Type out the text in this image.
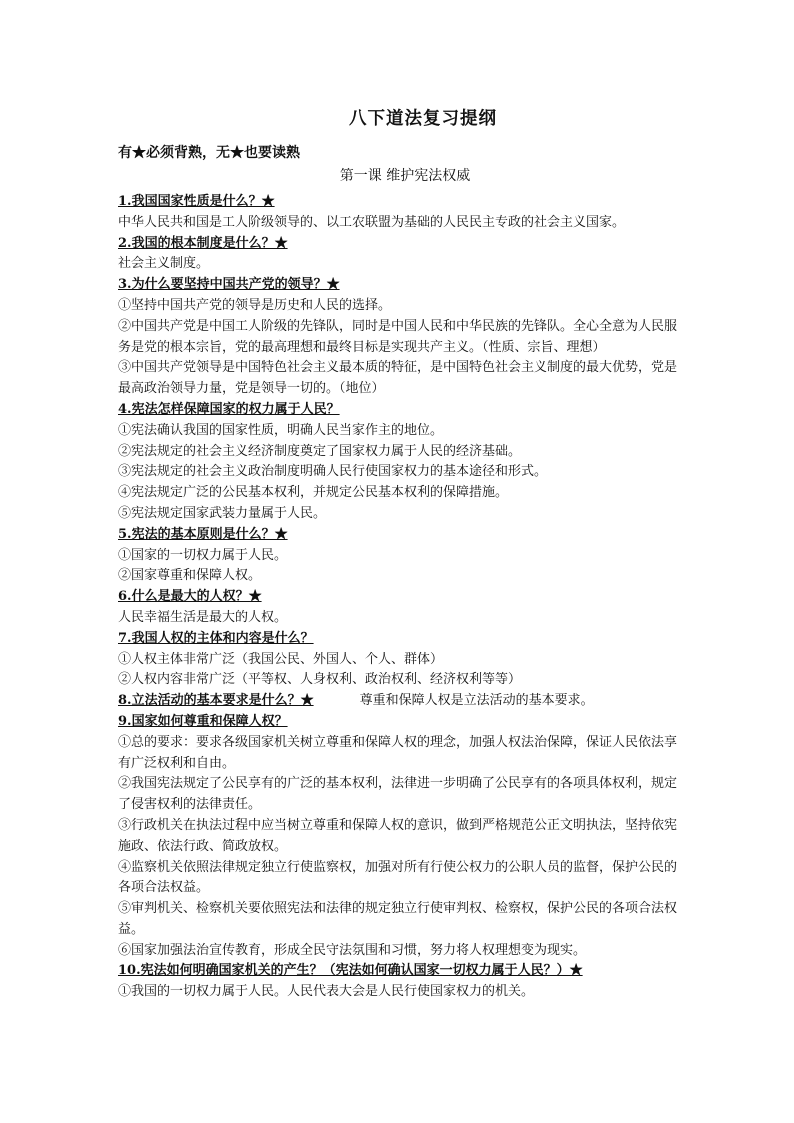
八下道法复习提纲
有★必须背熟，无★也要读熟
第一课 维护宪法权威

1.我国国家性质是什么？★

中华人民共和国是工人阶级领导的、以工农联盟为基础的人民民主专政的社会主义国家。

2.我国的根本制度是什么？★

社会主义制度。

3.为什么要坚持中国共产党的领导？★

①坚持中国共产党的领导是历史和人民的选择。

②中国共产党是中国工人阶级的先锋队，同时是中国人民和中华民族的先锋队。全心全意为人民服务是党的根本宗旨，党的最高理想和最终目标是实现共产主义。（性质、宗旨、理想）

③中国共产党领导是中国特色社会主义最本质的特征，是中国特色社会主义制度的最大优势，党是最高政治领导力量，党是领导一切的。（地位）

4.宪法怎样保障国家的权力属于人民？

①宪法确认我国的国家性质，明确人民当家作主的地位。

②宪法规定的社会主义经济制度奠定了国家权力属于人民的经济基础。

③宪法规定的社会主义政治制度明确人民行使国家权力的基本途径和形式。

④宪法规定广泛的公民基本权利，并规定公民基本权利的保障措施。

⑤宪法规定国家武装力量属于人民。

5.宪法的基本原则是什么？★

①国家的一切权力属于人民。

②国家尊重和保障人权。

6.什么是最大的人权？★

人民幸福生活是最大的人权。

7.我国人权的主体和内容是什么？

①人权主体非常广泛（我国公民、外国人、个人、群体）

②人权内容非常广泛（平等权、人身权利、政治权利、经济权利等等）

8.立法活动的基本要求是什么？★	尊重和保障人权是立法活动的基本要求。

9.国家如何尊重和保障人权？

①总的要求：要求各级国家机关树立尊重和保障人权的理念，加强人权法治保障，保证人民依法享有广泛权利和自由。

②我国宪法规定了公民享有的广泛的基本权利，法律进一步明确了公民享有的各项具体权利，规定了侵害权利的法律责任。

③行政机关在执法过程中应当树立尊重和保障人权的意识，做到严格规范公正文明执法，坚持依宪施政、依法行政、简政放权。

④监察机关依照法律规定独立行使监察权，加强对所有行使公权力的公职人员的监督，保护公民的各项合法权益。

⑤审判机关、检察机关要依照宪法和法律的规定独立行使审判权、检察权，保护公民的各项合法权益。

⑥国家加强法治宣传教育，形成全民守法氛围和习惯，努力将人权理想变为现实。

10.宪法如何明确国家机关的产生？（宪法如何确认国家一切权力属于人民？）★

①我国的一切权力属于人民。人民代表大会是人民行使国家权力的机关。
